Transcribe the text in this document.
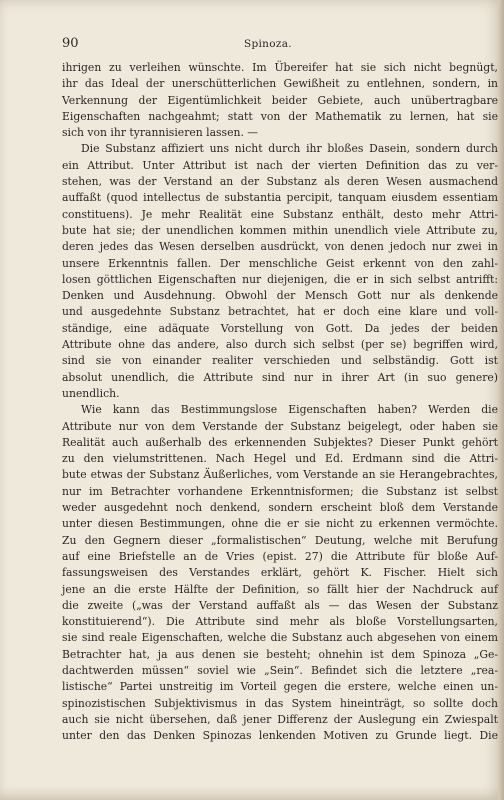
90	Spinoza.
ihrigen zu verleihen wünschte. Im Übereifer hat sie sich nicht begnügt,
ihr das Ideal der unerschütterlichen Gewißheit zu entlehnen, sondern, in
Verkennung der Eigentümlichkeit beider Gebiete, auch unübertragbare
Eigenschaften nachgeahmt; statt von der Mathematik zu lernen, hat sie
sich von ihr tyrannisieren lassen. —
Die Substanz affiziert uns nicht durch ihr bloßes Dasein, sondern durch
ein Attribut. Unter Attribut ist nach der vierten Definition das zu ver-
stehen, was der Verstand an der Substanz als deren Wesen ausmachend
auffaßt (quod intellectus de substantia percipit, tanquam eiusdem essentiam
constituens). Je mehr Realität eine Substanz enthält, desto mehr Attri-
bute hat sie; der unendlichen kommen mithin unendlich viele Attribute zu,
deren jedes das Wesen derselben ausdrückt, von denen jedoch nur zwei in
unsere Erkenntnis fallen. Der menschliche Geist erkennt von den zahl-
losen göttlichen Eigenschaften nur diejenigen, die er in sich selbst antrifft:
Denken und Ausdehnung. Obwohl der Mensch Gott nur als denkende
und ausgedehnte Substanz betrachtet, hat er doch eine klare und voll-
ständige, eine adäquate Vorstellung von Gott. Da jedes der beiden
Attribute ohne das andere, also durch sich selbst (per se) begriffen wird,
sind sie von einander realiter verschieden und selbständig. Gott ist
absolut unendlich, die Attribute sind nur in ihrer Art (in suo genere)
unendlich.
Wie kann das Bestimmungslose Eigenschaften haben? Werden die
Attribute nur von dem Verstande der Substanz beigelegt, oder haben sie
Realität auch außerhalb des erkennenden Subjektes? Dieser Punkt gehört
zu den vielumstrittenen. Nach Hegel und Ed. Erdmann sind die Attri-
bute etwas der Substanz Äußerliches, vom Verstande an sie Herangebrachtes,
nur im Betrachter vorhandene Erkenntnisformen; die Substanz ist selbst
weder ausgedehnt noch denkend, sondern erscheint bloß dem Verstande
unter diesen Bestimmungen, ohne die er sie nicht zu erkennen vermöchte.
Zu den Gegnern dieser „formalistischen“ Deutung, welche mit Berufung
auf eine Briefstelle an de Vries (epist. 27) die Attribute für bloße Auf-
fassungsweisen des Verstandes erklärt, gehört K. Fischer. Hielt sich
jene an die erste Hälfte der Definition, so fällt hier der Nachdruck auf
die zweite („was der Verstand auffaßt als — das Wesen der Substanz
konstituierend“). Die Attribute sind mehr als bloße Vorstellungsarten,
sie sind reale Eigenschaften, welche die Substanz auch abgesehen von einem
Betrachter hat, ja aus denen sie besteht; ohnehin ist dem Spinoza „Ge-
dachtwerden müssen“ soviel wie „Sein“. Befindet sich die letztere „rea-
listische“ Partei unstreitig im Vorteil gegen die erstere, welche einen un-
spinozistischen Subjektivismus in das System hineinträgt, so sollte doch
auch sie nicht übersehen, daß jener Differenz der Auslegung ein Zwiespalt
unter den das Denken Spinozas lenkenden Motiven zu Grunde liegt. Die
